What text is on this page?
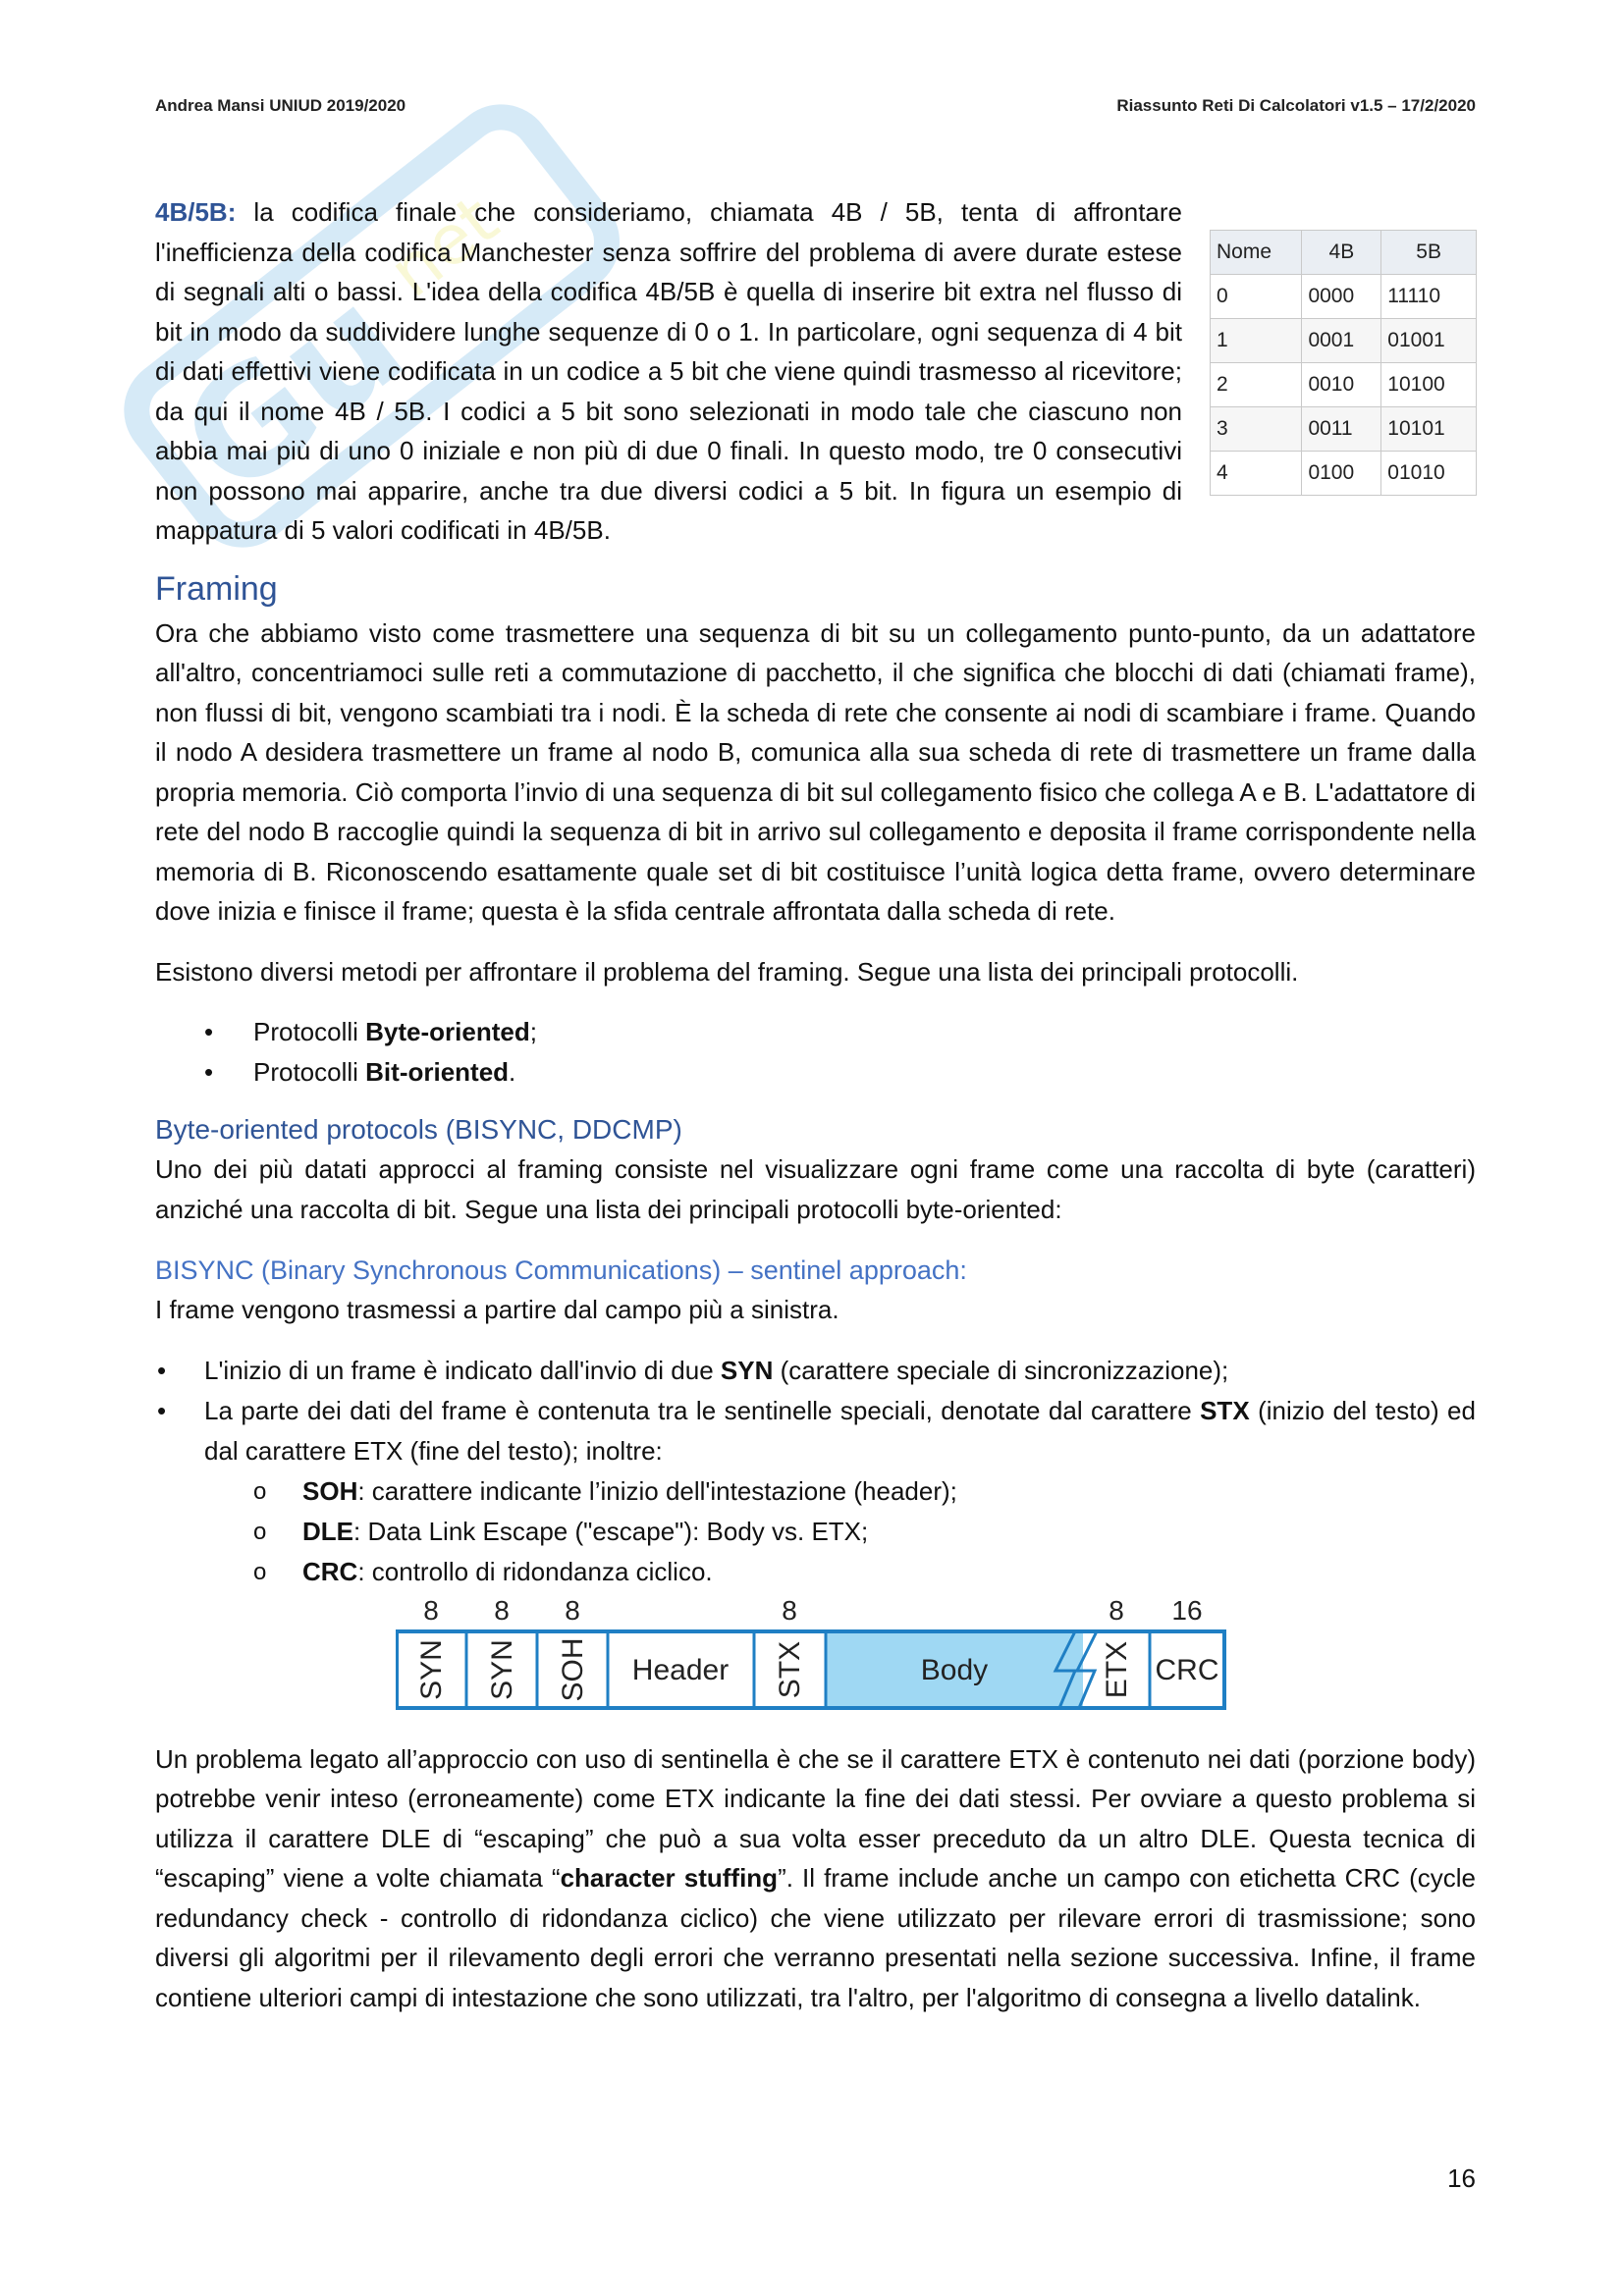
Gu
net
Andrea Mansi UNIUD 2019/2020	Riassunto Reti Di Calcolatori v1.5 – 17/2/2020
Nome	4B	5B
0	0000	11110
1	0001	01001
2	0010	10100
3	0011	10101
4	0100	01010

4B/5B: la codifica finale che consideriamo, chiamata 4B / 5B, tenta di affrontare l'inefficienza della codifica Manchester senza soffrire del problema di avere durate estese di segnali alti o bassi. L'idea della codifica 4B/5B è quella di inserire bit extra nel flusso di bit in modo da suddividere lunghe sequenze di 0 o 1. In particolare, ogni sequenza di 4 bit di dati effettivi viene codificata in un codice a 5 bit che viene quindi trasmesso al ricevitore; da qui il nome 4B / 5B. I codici a 5 bit sono selezionati in modo tale che ciascuno non abbia mai più di uno 0 iniziale e non più di due 0 finali. In questo modo, tre 0 consecutivi non possono mai apparire, anche tra due diversi codici a 5 bit. In figura un esempio di mappatura di 5 valori codificati in 4B/5B.

Framing

Ora che abbiamo visto come trasmettere una sequenza di bit su un collegamento punto-punto, da un adattatore all'altro, concentriamoci sulle reti a commutazione di pacchetto, il che significa che blocchi di dati (chiamati frame), non flussi di bit, vengono scambiati tra i nodi. È la scheda di rete che consente ai nodi di scambiare i frame. Quando il nodo A desidera trasmettere un frame al nodo B, comunica alla sua scheda di rete di trasmettere un frame dalla propria memoria. Ciò comporta l’invio di una sequenza di bit sul collegamento fisico che collega A e B. L'adattatore di rete del nodo B raccoglie quindi la sequenza di bit in arrivo sul collegamento e deposita il frame corrispondente nella memoria di B. Riconoscendo esattamente quale set di bit costituisce l’unità logica detta frame, ovvero determinare dove inizia e finisce il frame; questa è la sfida centrale affrontata dalla scheda di rete.

Esistono diversi metodi per affrontare il problema del framing. Segue una lista dei principali protocolli.

• Protocolli Byte-oriented;
• Protocolli Bit-oriented.
Byte-oriented protocols (BISYNC, DDCMP)

Uno dei più datati approcci al framing consiste nel visualizzare ogni frame come una raccolta di byte (caratteri) anziché una raccolta di bit. Segue una lista dei principali protocolli byte-oriented:

BISYNC (Binary Synchronous Communications) – sentinel approach:

I frame vengono trasmessi a partire dal campo più a sinistra.

• L'inizio di un frame è indicato dall'invio di due SYN (carattere speciale di sincronizzazione);
• La parte dei dati del frame è contenuta tra le sentinelle speciali, denotate dal carattere STX (inizio del testo) ed dal carattere ETX (fine del testo); inoltre:
o SOH: carattere indicante l’inizio dell'intestazione (header);
o DLE: Data Link Escape ("escape"): Body vs. ETX;
o CRC: controllo di ridondanza ciclico.
SYN SYN SOH Header STX	Body	ETX CRC
8 8 8	8	8 16

Un problema legato all’approccio con uso di sentinella è che se il carattere ETX è contenuto nei dati (porzione body) potrebbe venir inteso (erroneamente) come ETX indicante la fine dei dati stessi. Per ovviare a questo problema si utilizza il carattere DLE di “escaping” che può a sua volta esser preceduto da un altro DLE. Questa tecnica di “escaping” viene a volte chiamata “character stuffing”. Il frame include anche un campo con etichetta CRC (cycle redundancy check - controllo di ridondanza ciclico) che viene utilizzato per rilevare errori di trasmissione; sono diversi gli algoritmi per il rilevamento degli errori che verranno presentati nella sezione successiva. Infine, il frame contiene ulteriori campi di intestazione che sono utilizzati, tra l'altro, per l'algoritmo di consegna a livello datalink.

16
